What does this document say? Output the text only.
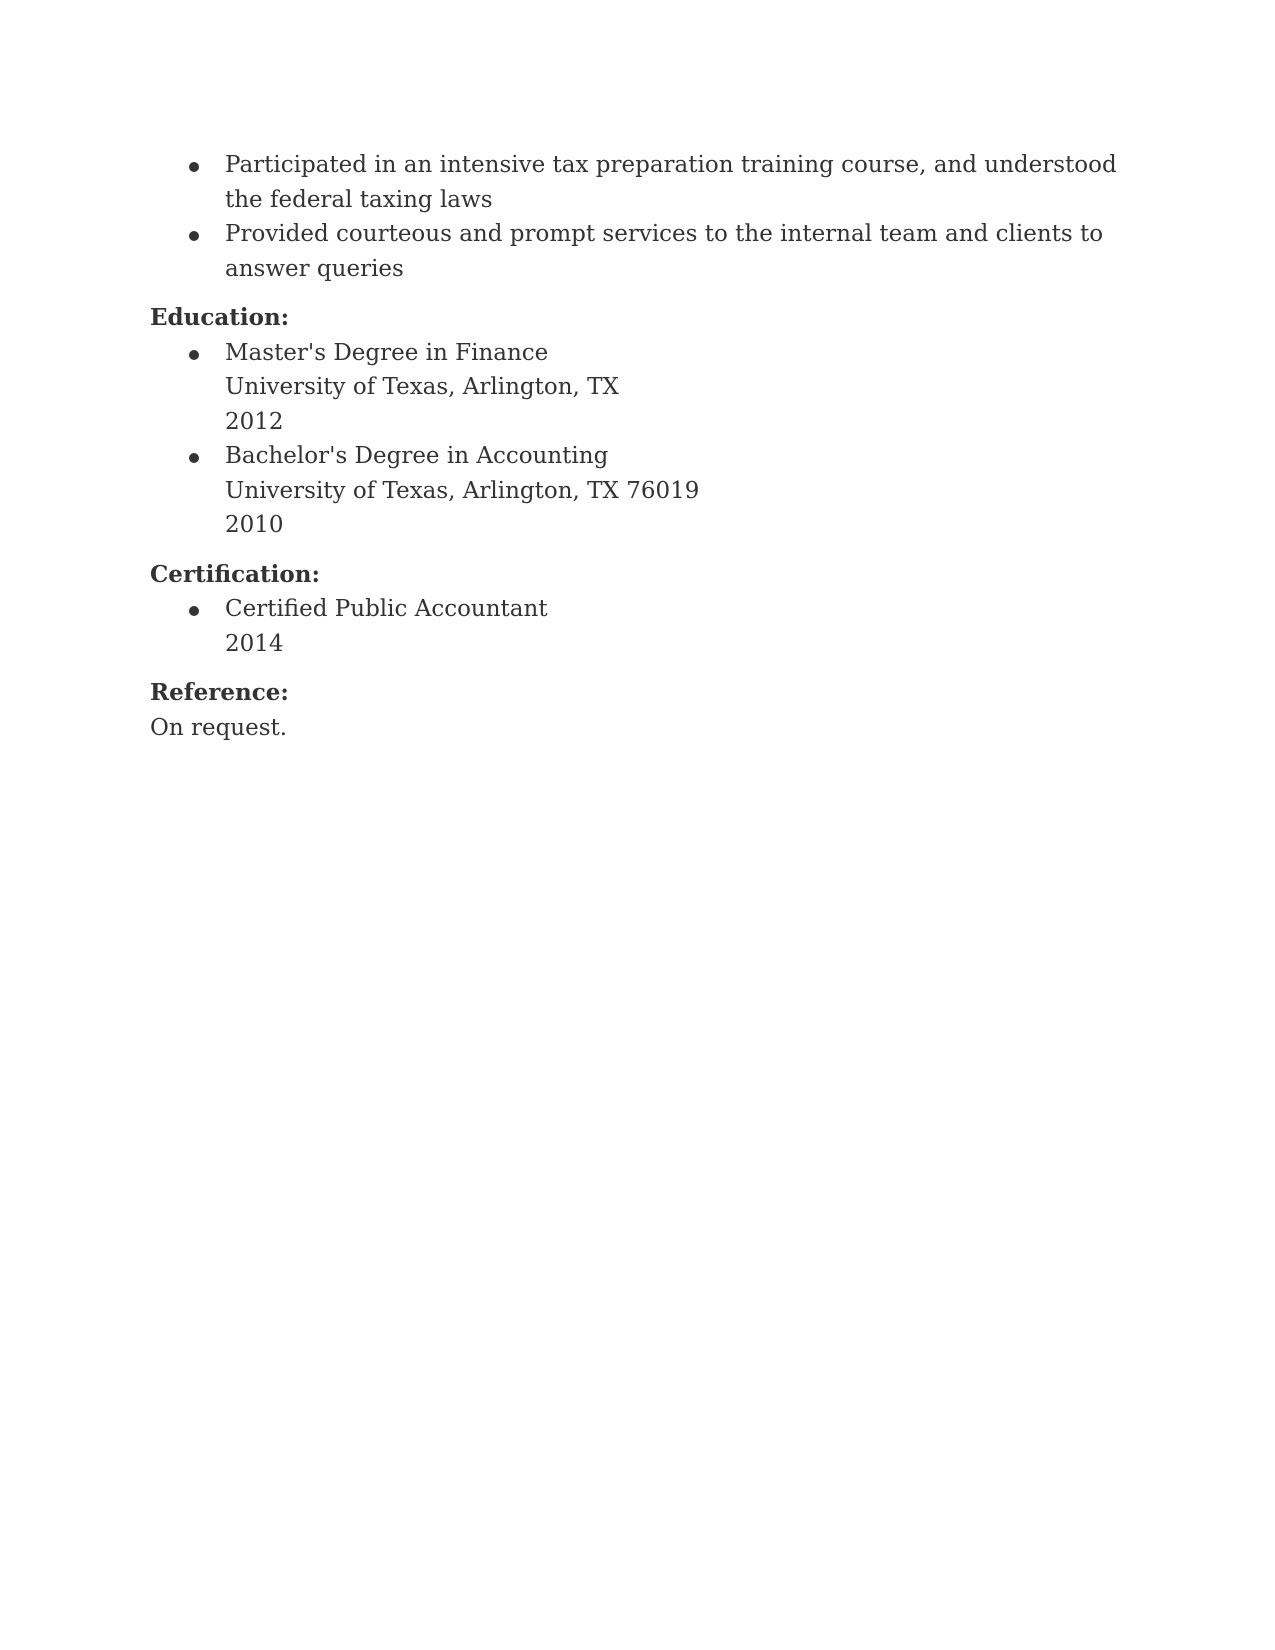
Participated in an intensive tax preparation training course, and understood the federal taxing laws
Provided courteous and prompt services to the internal team and clients to answer queries
Education:
Master's Degree in Finance
University of Texas, Arlington, TX
2012
Bachelor's Degree in Accounting
University of Texas, Arlington, TX 76019
2010
Certification:
Certified Public Accountant
2014
Reference:
On request.
